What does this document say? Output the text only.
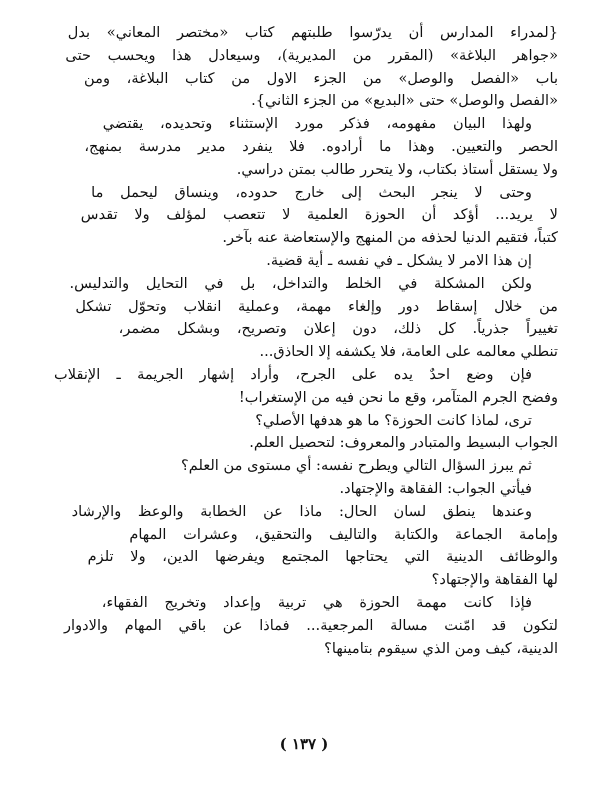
{لمدراء المدارس أن يدرّسوا طلبتهم كتاب «مختصر المعاني» بدل
«جواهر البلاغة» (المقرر من المديرية)، وسيعادل هذا ويحسب حتى
باب «الفصل والوصل» من الجزء الاول من كتاب البلاغة، ومن
«الفصل والوصل» حتى «البديع» من الجزء الثاني}.
ولهذا البيان مفهومه، فذكر مورد الإستثناء وتحديده، يقتضي
الحصر والتعيين. وهذا ما أرادوه. فلا ينفرد مدير مدرسة بمنهج،
ولا يستقل أستاذ بكتاب، ولا يتحرر طالب بمتن دراسي.
وحتى لا ينجر البحث إلى خارج حدوده، وينساق ليحمل ما
لا يريد... أؤكد أن الحوزة العلمية لا تتعصب لمؤلف ولا تقدس
كتباً، فتقيم الدنيا لحذفه من المنهج والإستعاضة عنه بآخر.
إن هذا الامر لا يشكل ـ في نفسه ـ أية قضية.
ولكن المشكلة في الخلط والتداخل، بل في التحايل والتدليس.
من خلال إسقاط دور وإلغاء مهمة، وعملية انقلاب وتحوّل تشكل
تغييراً جذرياً. كل ذلك، دون إعلان وتصريح، وبشكل مضمر،
تنطلي معالمه على العامة، فلا يكشفه إلا الحاذق...
فإن وضع احدٌ يده على الجرح، وأراد إشهار الجريمة ـ الإنقلاب
وفضح الجرم المتآمر، وقع ما نحن فيه من الإستغراب!
ترى، لماذا كانت الحوزة؟ ما هو هدفها الأصلي؟
الجواب البسيط والمتبادر والمعروف: لتحصيل العلم.
ثم يبرز السؤال التالي ويطرح نفسه: أي مستوى من العلم؟
فيأتي الجواب: الفقاهة والإجتهاد.
وعندها ينطق لسان الحال: ماذا عن الخطابة والوعظ والإرشاد
وإمامة الجماعة والكتابة والتاليف والتحقيق، وعشرات المهام
والوظائف الدينية التي يحتاجها المجتمع ويفرضها الدين، ولا تلزم
لها الفقاهة والإجتهاد؟
فإذا كانت مهمة الحوزة هي تربية وإعداد وتخريج الفقهاء،
لتكون قد امّنت مسالة المرجعية... فماذا عن باقي المهام والادوار
الدينية، كيف ومن الذي سيقوم بتامينها؟
( ١٣٧ )
